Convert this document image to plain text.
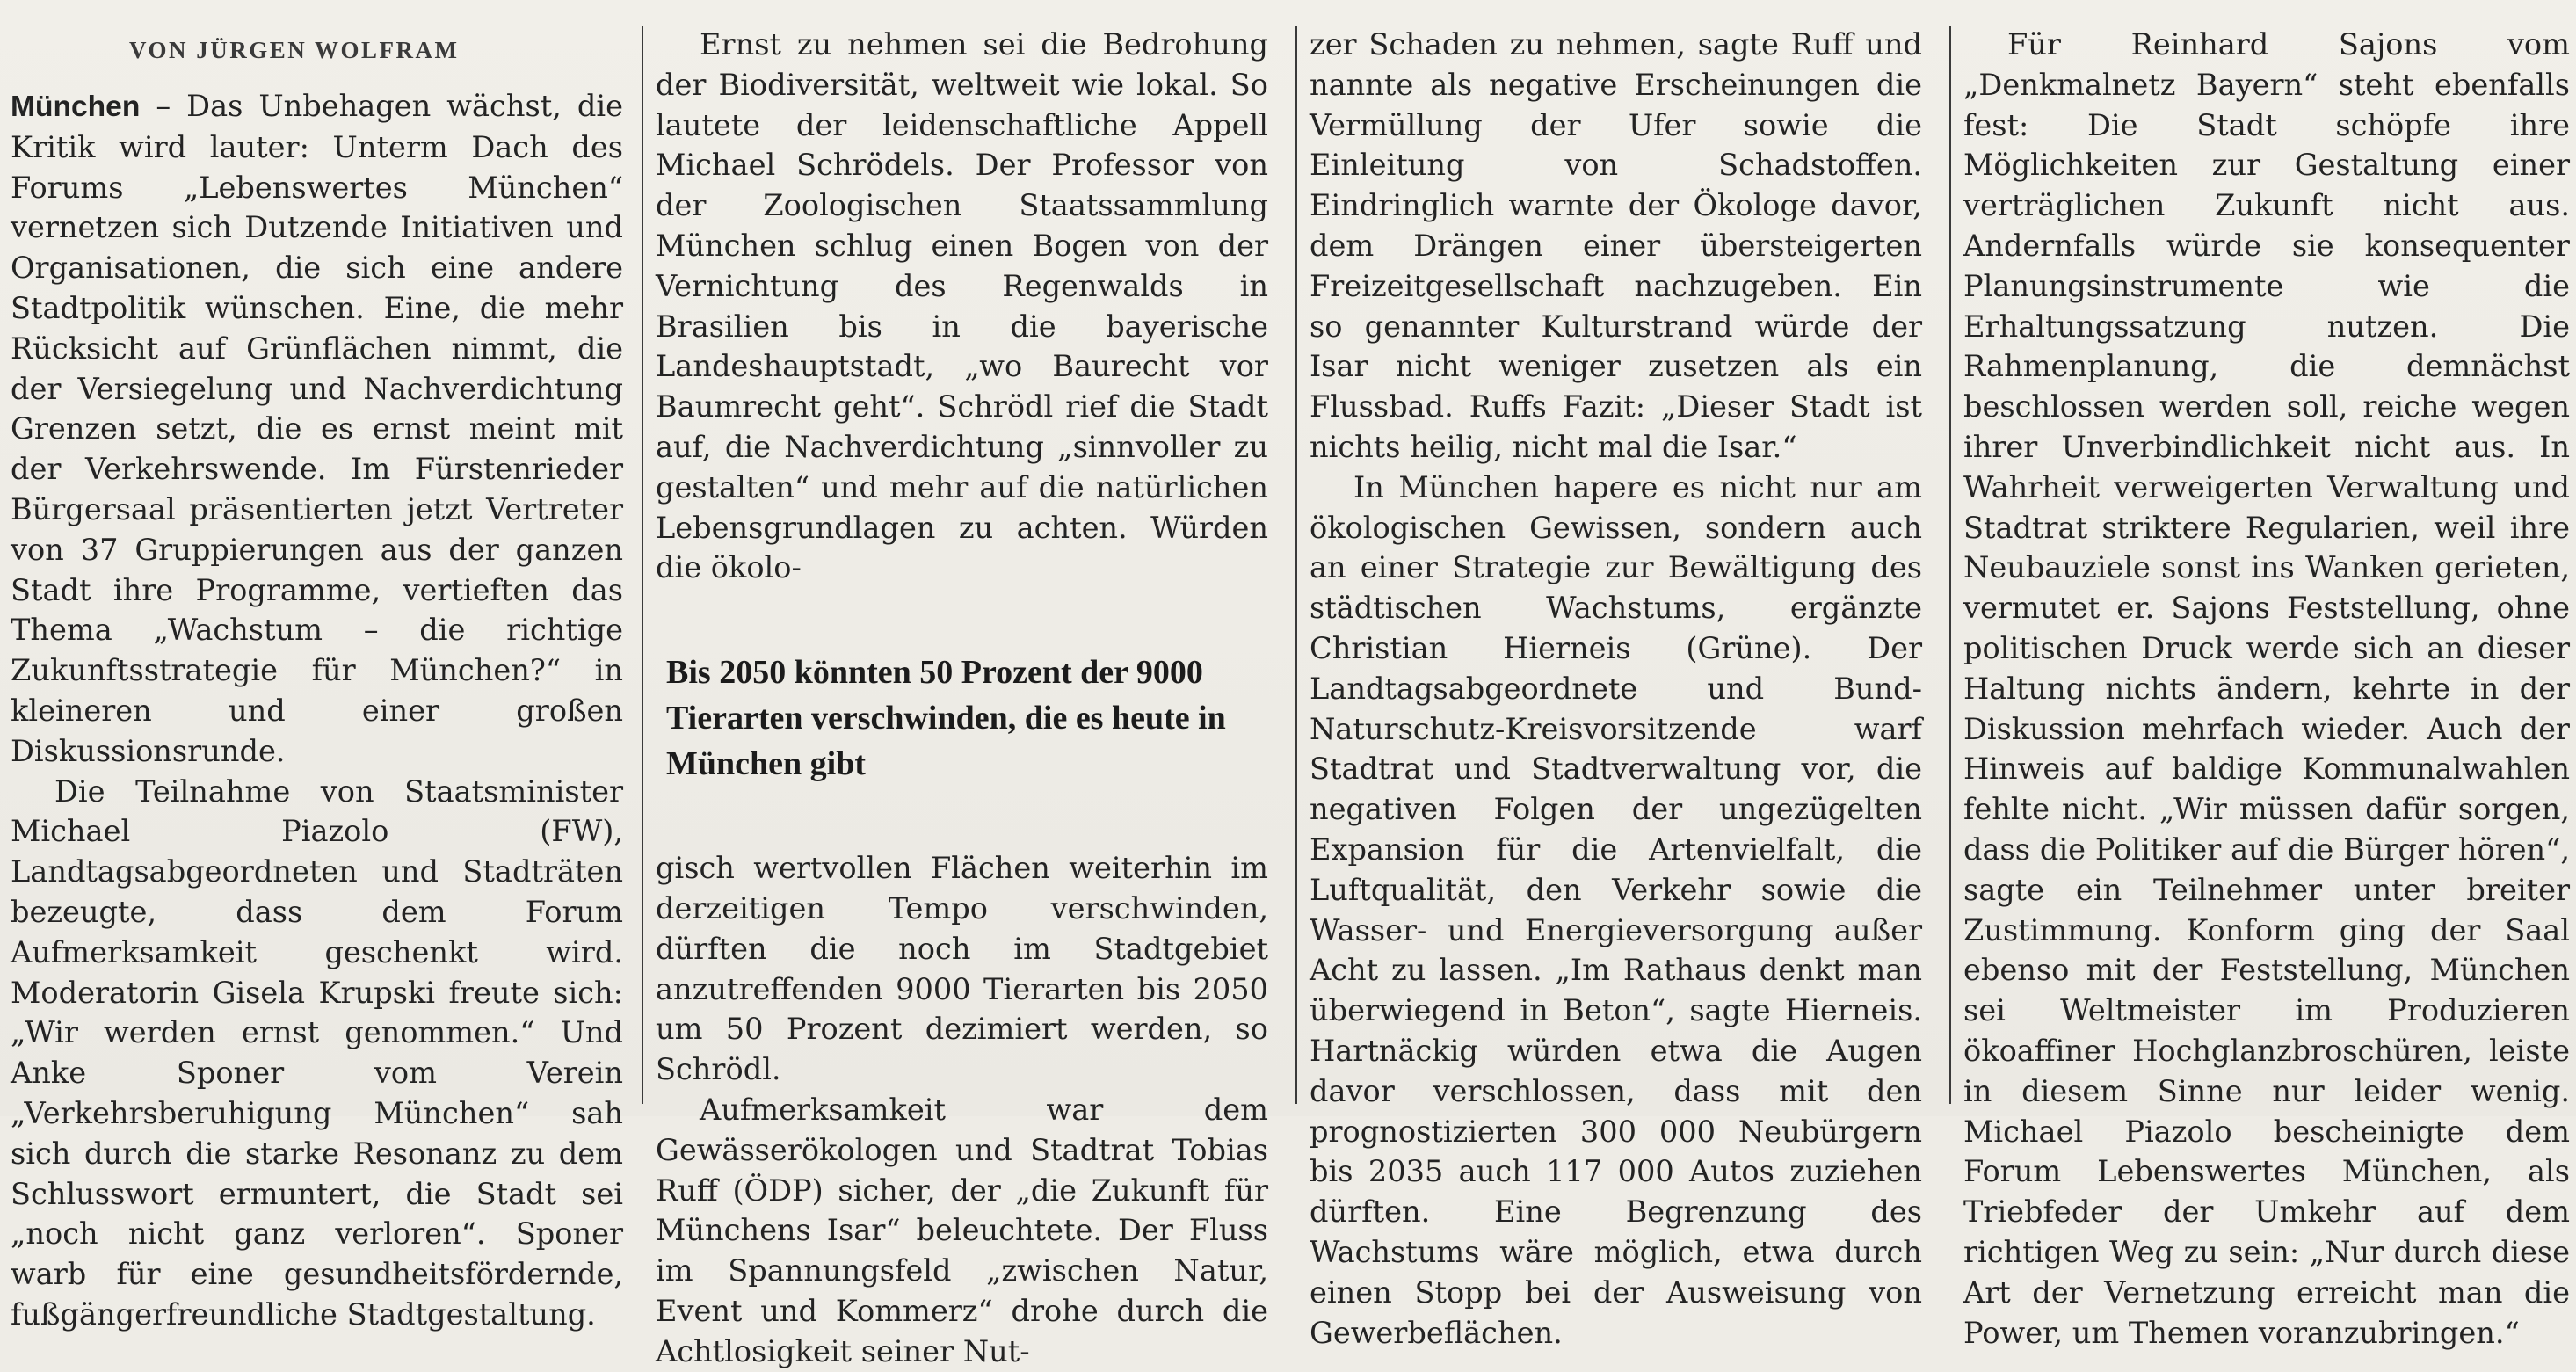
VON JÜRGEN WOLFRAM

München – Das Unbehagen wächst, die Kritik wird lauter: Unterm Dach des Forums „Lebenswertes München“ vernetzen sich Dutzende Initiativen und Organisationen, die sich eine andere Stadtpolitik wünschen. Eine, die mehr Rücksicht auf Grünflächen nimmt, die der Versiegelung und Nachverdichtung Grenzen setzt, die es ernst meint mit der Verkehrswende. Im Fürstenrieder Bürgersaal präsentierten jetzt Vertreter von 37 Gruppierungen aus der ganzen Stadt ihre Programme, vertieften das Thema „Wachstum – die richtige Zukunftsstrategie für München?“ in kleineren und einer großen Diskussionsrunde.

Die Teilnahme von Staatsminister Michael Piazolo (FW), Landtagsabgeordneten und Stadträten bezeugte, dass dem Forum Aufmerksamkeit geschenkt wird. Moderatorin Gisela Krupski freute sich: „Wir werden ernst genommen.“ Und Anke Sponer vom Verein „Verkehrsberuhigung München“ sah sich durch die starke Resonanz zu dem Schlusswort ermuntert, die Stadt sei „noch nicht ganz verloren“. Sponer warb für eine gesundheitsfördernde, fußgängerfreundliche Stadtgestaltung.

Ernst zu nehmen sei die Bedrohung der Biodiversität, weltweit wie lokal. So lautete der leidenschaftliche Appell Michael Schrödels. Der Professor von der Zoologischen Staatssammlung München schlug einen Bogen von der Vernichtung des Regenwalds in Brasilien bis in die bayerische Landeshauptstadt, „wo Baurecht vor Baumrecht geht“. Schrödl rief die Stadt auf, die Nachverdichtung „sinnvoller zu gestalten“ und mehr auf die natürlichen Lebensgrundlagen zu achten. Würden die ökolo-

Bis 2050 könnten 50 Prozent der 9000 Tierarten verschwinden, die es heute in München gibt

gisch wertvollen Flächen weiterhin im derzeitigen Tempo verschwinden, dürften die noch im Stadtgebiet anzutreffenden 9000 Tierarten bis 2050 um 50 Prozent dezimiert werden, so Schrödl.

Aufmerksamkeit war dem Gewässerökologen und Stadtrat Tobias Ruff (ÖDP) sicher, der „die Zukunft für Münchens Isar“ beleuchtete. Der Fluss im Spannungsfeld „zwischen Natur, Event und Kommerz“ drohe durch die Achtlosigkeit seiner Nut-

zer Schaden zu nehmen, sagte Ruff und nannte als negative Erscheinungen die Vermüllung der Ufer sowie die Einleitung von Schadstoffen. Eindringlich warnte der Ökologe davor, dem Drängen einer übersteigerten Freizeitgesellschaft nachzugeben. Ein so genannter Kulturstrand würde der Isar nicht weniger zusetzen als ein Flussbad. Ruffs Fazit: „Dieser Stadt ist nichts heilig, nicht mal die Isar.“

In München hapere es nicht nur am ökologischen Gewissen, sondern auch an einer Strategie zur Bewältigung des städtischen Wachstums, ergänzte Christian Hierneis (Grüne). Der Landtagsabgeordnete und Bund-Naturschutz-Kreisvorsitzende warf Stadtrat und Stadtverwaltung vor, die negativen Folgen der ungezügelten Expansion für die Artenvielfalt, die Luftqualität, den Verkehr sowie die Wasser- und Energieversorgung außer Acht zu lassen. „Im Rathaus denkt man überwiegend in Beton“, sagte Hierneis. Hartnäckig würden etwa die Augen davor verschlossen, dass mit den prognostizierten 300 000 Neubürgern bis 2035 auch 117 000 Autos zuziehen dürften. Eine Begrenzung des Wachstums wäre möglich, etwa durch einen Stopp bei der Ausweisung von Gewerbeflächen.

Für Reinhard Sajons vom „Denkmalnetz Bayern“ steht ebenfalls fest: Die Stadt schöpfe ihre Möglichkeiten zur Gestaltung einer verträglichen Zukunft nicht aus. Andernfalls würde sie konsequenter Planungsinstrumente wie die Erhaltungssatzung nutzen. Die Rahmenplanung, die demnächst beschlossen werden soll, reiche wegen ihrer Unverbindlichkeit nicht aus. In Wahrheit verweigerten Verwaltung und Stadtrat striktere Regularien, weil ihre Neubauziele sonst ins Wanken gerieten, vermutet er. Sajons Feststellung, ohne politischen Druck werde sich an dieser Haltung nichts ändern, kehrte in der Diskussion mehrfach wieder. Auch der Hinweis auf baldige Kommunalwahlen fehlte nicht. „Wir müssen dafür sorgen, dass die Politiker auf die Bürger hören“, sagte ein Teilnehmer unter breiter Zustimmung. Konform ging der Saal ebenso mit der Feststellung, München sei Weltmeister im Produzieren ökoaffiner Hochglanzbroschüren, leiste in diesem Sinne nur leider wenig. Michael Piazolo bescheinigte dem Forum Lebenswertes München, als Triebfeder der Umkehr auf dem richtigen Weg zu sein: „Nur durch diese Art der Vernetzung erreicht man die Power, um Themen voranzubringen.“
